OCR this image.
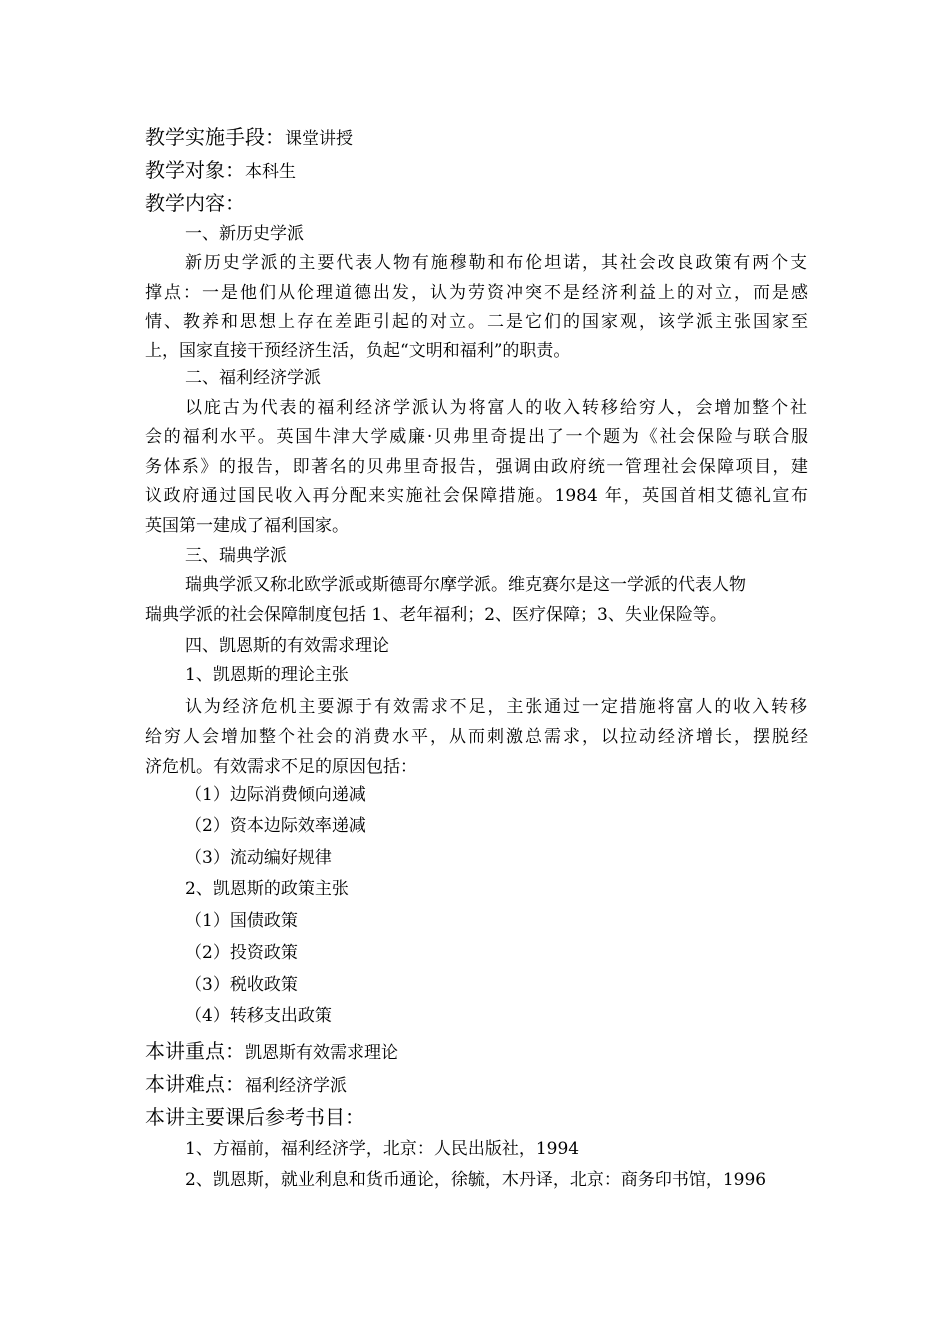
教学实施手段：课堂讲授
教学对象：本科生
教学内容：
一、新历史学派
新历史学派的主要代表人物有施穆勒和布伦坦诺，其社会改良政策有两个支
撑点：一是他们从伦理道德出发，认为劳资冲突不是经济利益上的对立，而是感
情、教养和思想上存在差距引起的对立。二是它们的国家观，该学派主张国家至
上，国家直接干预经济生活，负起“文明和福利”的职责。
二、福利经济学派
以庇古为代表的福利经济学派认为将富人的收入转移给穷人，会增加整个社
会的福利水平。英国牛津大学威廉·贝弗里奇提出了一个题为《社会保险与联合服
务体系》的报告，即著名的贝弗里奇报告，强调由政府统一管理社会保障项目，建
议政府通过国民收入再分配来实施社会保障措施。1984 年，英国首相艾德礼宣布
英国第一建成了福利国家。
三、瑞典学派
瑞典学派又称北欧学派或斯德哥尔摩学派。维克赛尔是这一学派的代表人物
瑞典学派的社会保障制度包括 1、老年福利；2、医疗保障；3、失业保险等。
四、凯恩斯的有效需求理论
1、凯恩斯的理论主张
认为经济危机主要源于有效需求不足，主张通过一定措施将富人的收入转移
给穷人会增加整个社会的消费水平，从而刺激总需求，以拉动经济增长，摆脱经
济危机。有效需求不足的原因包括：
（1）边际消费倾向递减
（2）资本边际效率递减
（3）流动编好规律
2、凯恩斯的政策主张
（1）国债政策
（2）投资政策
（3）税收政策
（4）转移支出政策
本讲重点：凯恩斯有效需求理论
本讲难点：福利经济学派
本讲主要课后参考书目：
1、方福前，福利经济学，北京：人民出版社，1994
2、凯恩斯，就业利息和货币通论，徐毓，木丹译，北京：商务印书馆，1996
